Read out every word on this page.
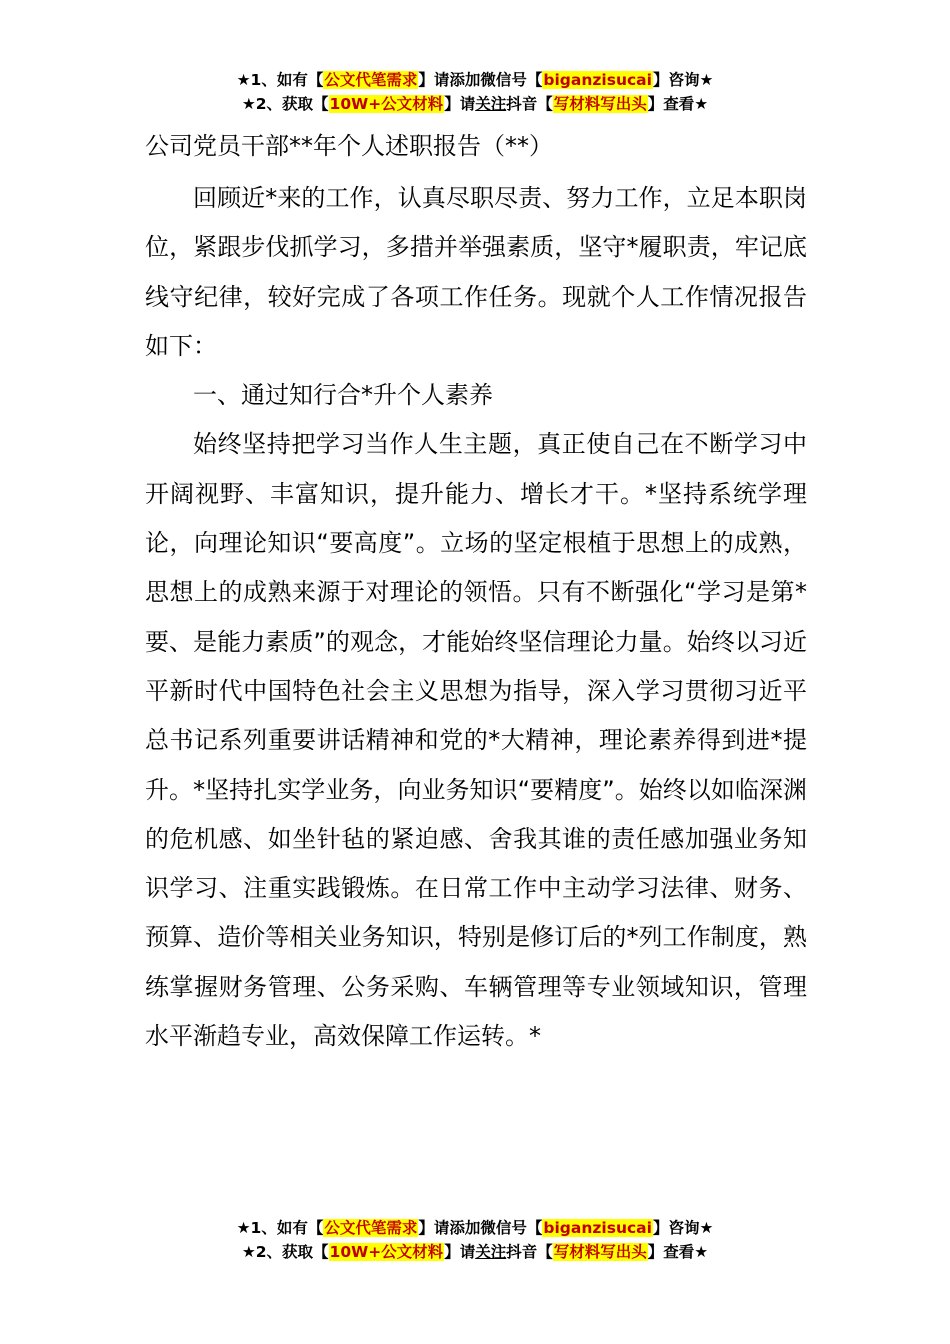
★1、如有【公文代笔需求】请添加微信号【biganzisucai】咨询★
★2、获取【10W+公文材料】请关注抖音【写材料写出头】查看★
公司党员干部**年个人述职报告（**）

回顾近*来的工作，认真尽职尽责、努力工作，立足本职岗位，紧跟步伐抓学习，多措并举强素质，坚守*履职责，牢记底线守纪律，较好完成了各项工作任务。现就个人工作情况报告如下：

一、通过知行合*升个人素养

始终坚持把学习当作人生主题，真正使自己在不断学习中开阔视野、丰富知识，提升能力、增长才干。*坚持系统学理论，向理论知识“要高度”。立场的坚定根植于思想上的成熟，思想上的成熟来源于对理论的领悟。只有不断强化“学习是第*要、是能力素质”的观念，才能始终坚信理论力量。始终以习近平新时代中国特色社会主义思想为指导，深入学习贯彻习近平总书记系列重要讲话精神和党的*大精神，理论素养得到进*提升。*坚持扎实学业务，向业务知识“要精度”。始终以如临深渊的危机感、如坐针毡的紧迫感、舍我其谁的责任感加强业务知识学习、注重实践锻炼。在日常工作中主动学习法律、财务、预算、造价等相关业务知识，特别是修订后的*列工作制度，熟练掌握财务管理、公务采购、车辆管理等专业领域知识，管理水平渐趋专业，高效保障工作运转。*

★1、如有【公文代笔需求】请添加微信号【biganzisucai】咨询★
★2、获取【10W+公文材料】请关注抖音【写材料写出头】查看★
